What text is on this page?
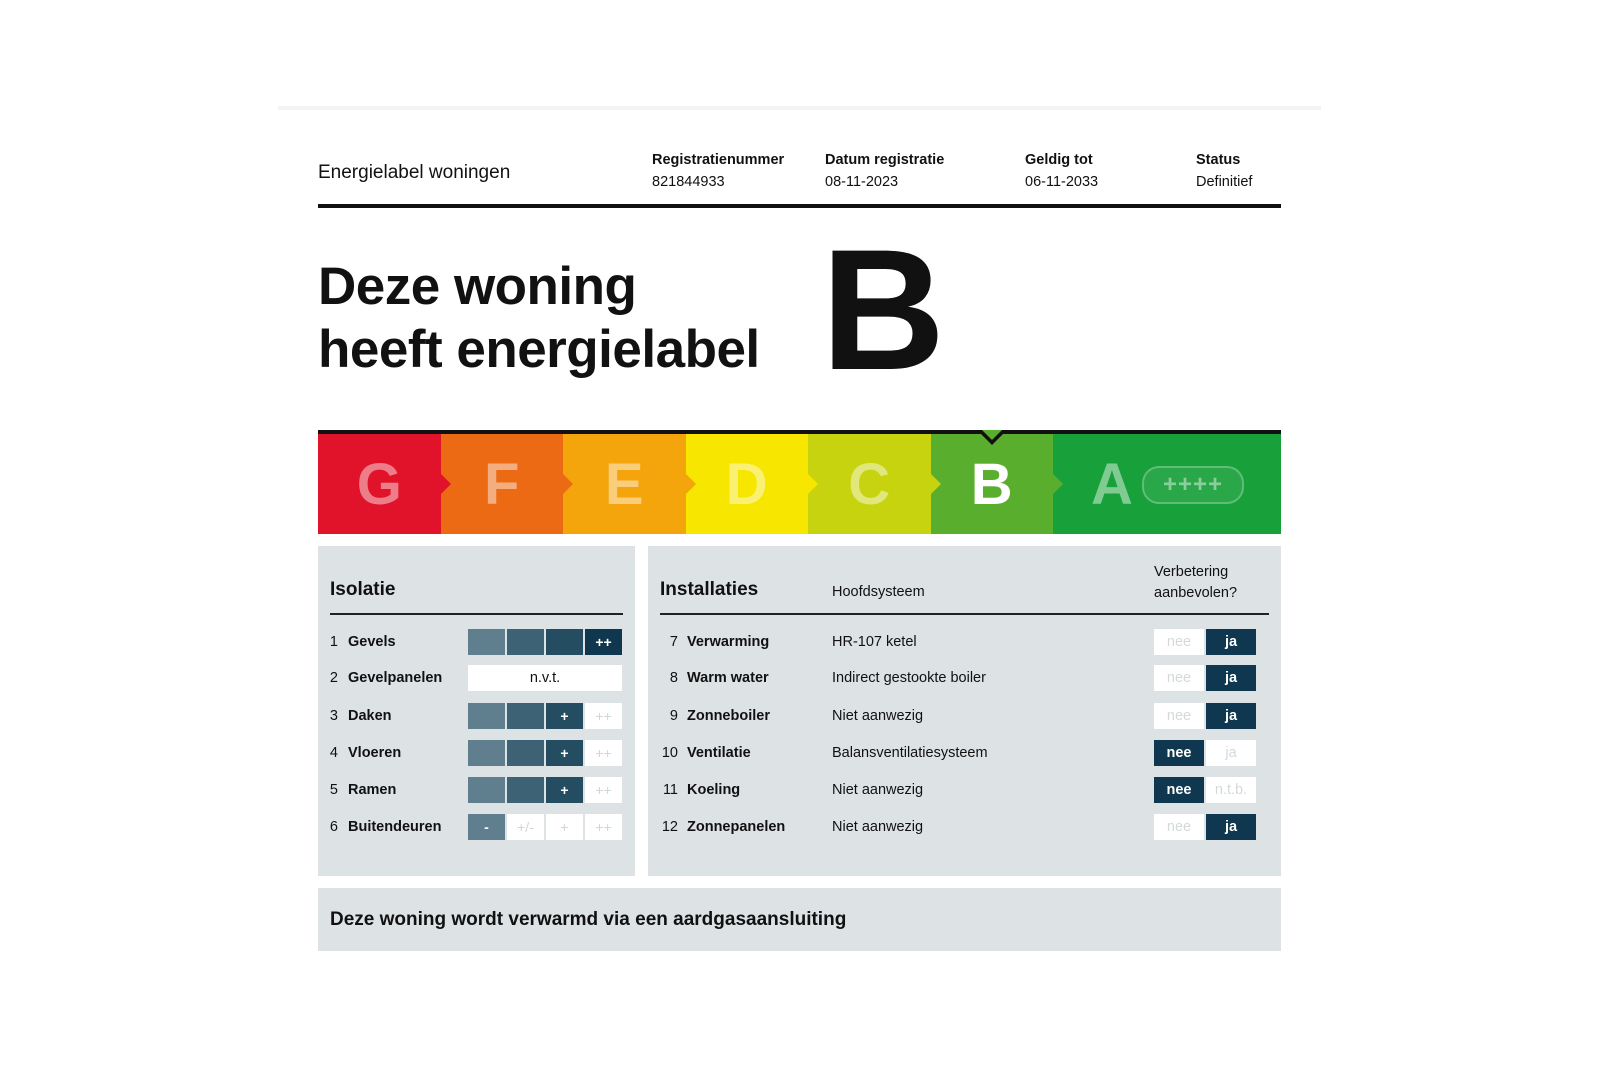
Energielabel woningen
Registratienummer
821844933
Datum registratie
08-11-2023
Geldig tot
06-11-2033
Status
Definitief
Deze woning
heeft energielabel B
G F E D C B A	++++
Isolatie
1 Gevels	++
2 Gevelpanelen	n.v.t.
3 Daken	+	++
4 Vloeren	+	++
5 Ramen	+	++
6 Buitendeuren	-	+/-	+	++
Installaties	Hoofdsysteem
Verbetering
aanbevolen?
7 Verwarming	HR-107 ketel	nee	ja
8 Warm water	Indirect gestookte boiler	nee	ja
9 Zonneboiler	Niet aanwezig	nee	ja
10 Ventilatie	Balansventilatiesysteem	nee	ja
11 Koeling	Niet aanwezig	nee	n.t.b.
12 Zonnepanelen	Niet aanwezig	nee	ja
Deze woning wordt verwarmd via een aardgasaansluiting
